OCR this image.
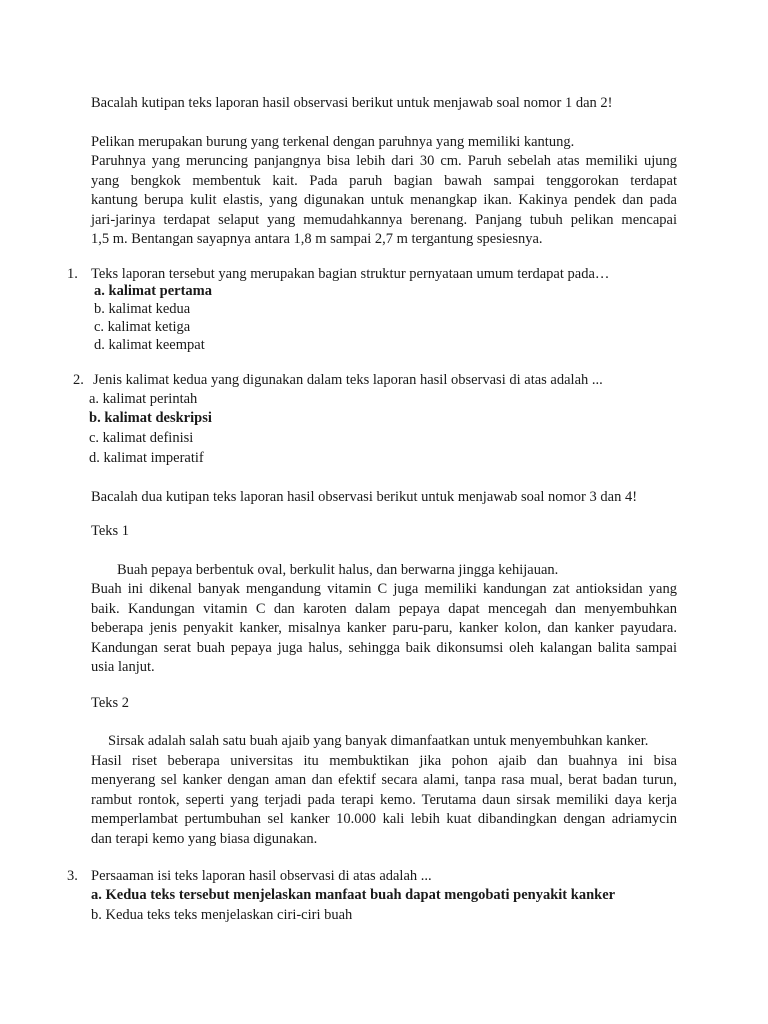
Bacalah kutipan teks laporan hasil observasi berikut untuk menjawab soal nomor 1 dan 2!
Pelikan merupakan burung yang terkenal dengan paruhnya yang memiliki kantung.
Paruhnya yang meruncing panjangnya bisa lebih dari 30 cm. Paruh sebelah atas memiliki ujung
yang bengkok membentuk kait. Pada paruh bagian bawah sampai tenggorokan terdapat
kantung berupa kulit elastis, yang digunakan untuk menangkap ikan. Kakinya pendek dan pada
jari-jarinya terdapat selaput yang memudahkannya berenang. Panjang tubuh pelikan mencapai
1,5 m. Bentangan sayapnya antara 1,8 m sampai 2,7 m tergantung spesiesnya.
1. Teks laporan tersebut yang merupakan bagian struktur pernyataan umum terdapat pada…
a. kalimat pertama
b. kalimat kedua
c. kalimat ketiga
d. kalimat keempat
2. Jenis kalimat kedua yang digunakan dalam teks laporan hasil observasi di atas adalah ...
a. kalimat perintah
b. kalimat deskripsi
c. kalimat definisi
d. kalimat imperatif
Bacalah dua kutipan teks laporan hasil observasi berikut untuk menjawab soal nomor 3 dan 4!
Teks 1
Buah pepaya berbentuk oval, berkulit halus, dan berwarna jingga kehijauan.
Buah ini dikenal banyak mengandung vitamin C juga memiliki kandungan zat antioksidan yang
baik. Kandungan vitamin C dan karoten dalam pepaya dapat mencegah dan menyembuhkan
beberapa jenis penyakit kanker, misalnya kanker paru-paru, kanker kolon, dan kanker payudara.
Kandungan serat buah pepaya juga halus, sehingga baik dikonsumsi oleh kalangan balita sampai
usia lanjut.
Teks 2
Sirsak adalah salah satu buah ajaib yang banyak dimanfaatkan untuk menyembuhkan kanker.
Hasil riset beberapa universitas itu membuktikan jika pohon ajaib dan buahnya ini bisa
menyerang sel kanker dengan aman dan efektif secara alami, tanpa rasa mual, berat badan turun,
rambut rontok, seperti yang terjadi pada terapi kemo. Terutama daun sirsak memiliki daya kerja
memperlambat pertumbuhan sel kanker 10.000 kali lebih kuat dibandingkan dengan adriamycin
dan terapi kemo yang biasa digunakan.
3. Persaaman isi teks laporan hasil observasi di atas adalah ...
a. Kedua teks tersebut menjelaskan manfaat buah dapat mengobati penyakit kanker
b. Kedua teks teks menjelaskan ciri-ciri buah
